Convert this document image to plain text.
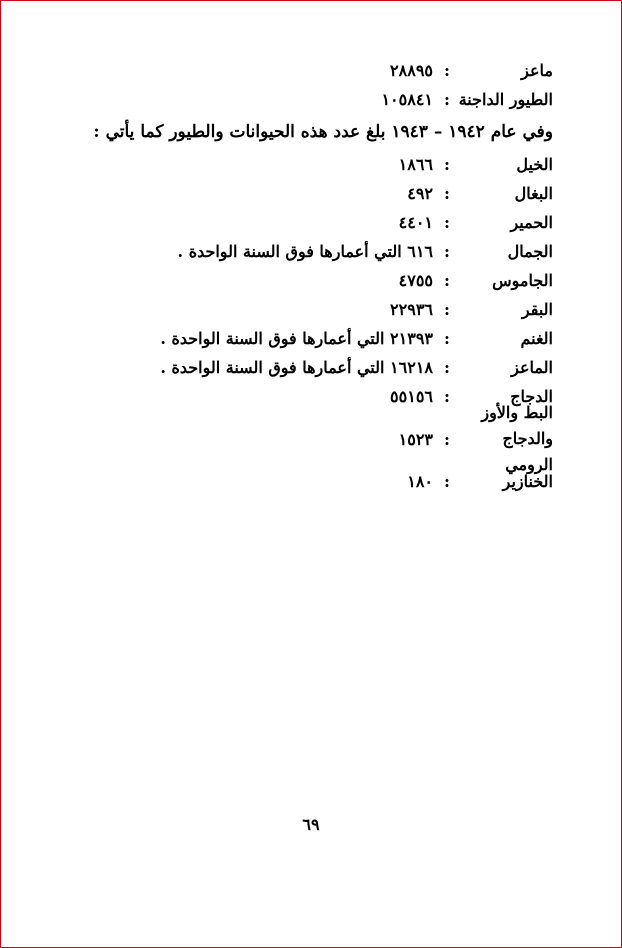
ماعز
:
٢٨٨٩٥
الطيور الداجنة
:
١٠٥٨٤١
وفي عام ١٩٤٢ – ١٩٤٣ بلغ عدد هذه الحيوانات والطيور كما يأتي :
الخيل
:
١٨٦٦
البغال
:
٤٩٢
الحمير
:
٤٤٠١
الجمال
:
٦١٦ التي أعمارها فوق السنة الواحدة .
الجاموس
:
٤٧٥٥
البقر
:
٢٢٩٣٦
الغنم
:
٢١٣٩٣ التي أعمارها فوق السنة الواحدة .
الماعز
:
١٦٢١٨ التي أعمارها فوق السنة الواحدة .
الدجاج
:
٥٥١٥٦
البط والأوز والدجاج الرومي
:
١٥٢٣
الخنازير
:
١٨٠
٦٩
